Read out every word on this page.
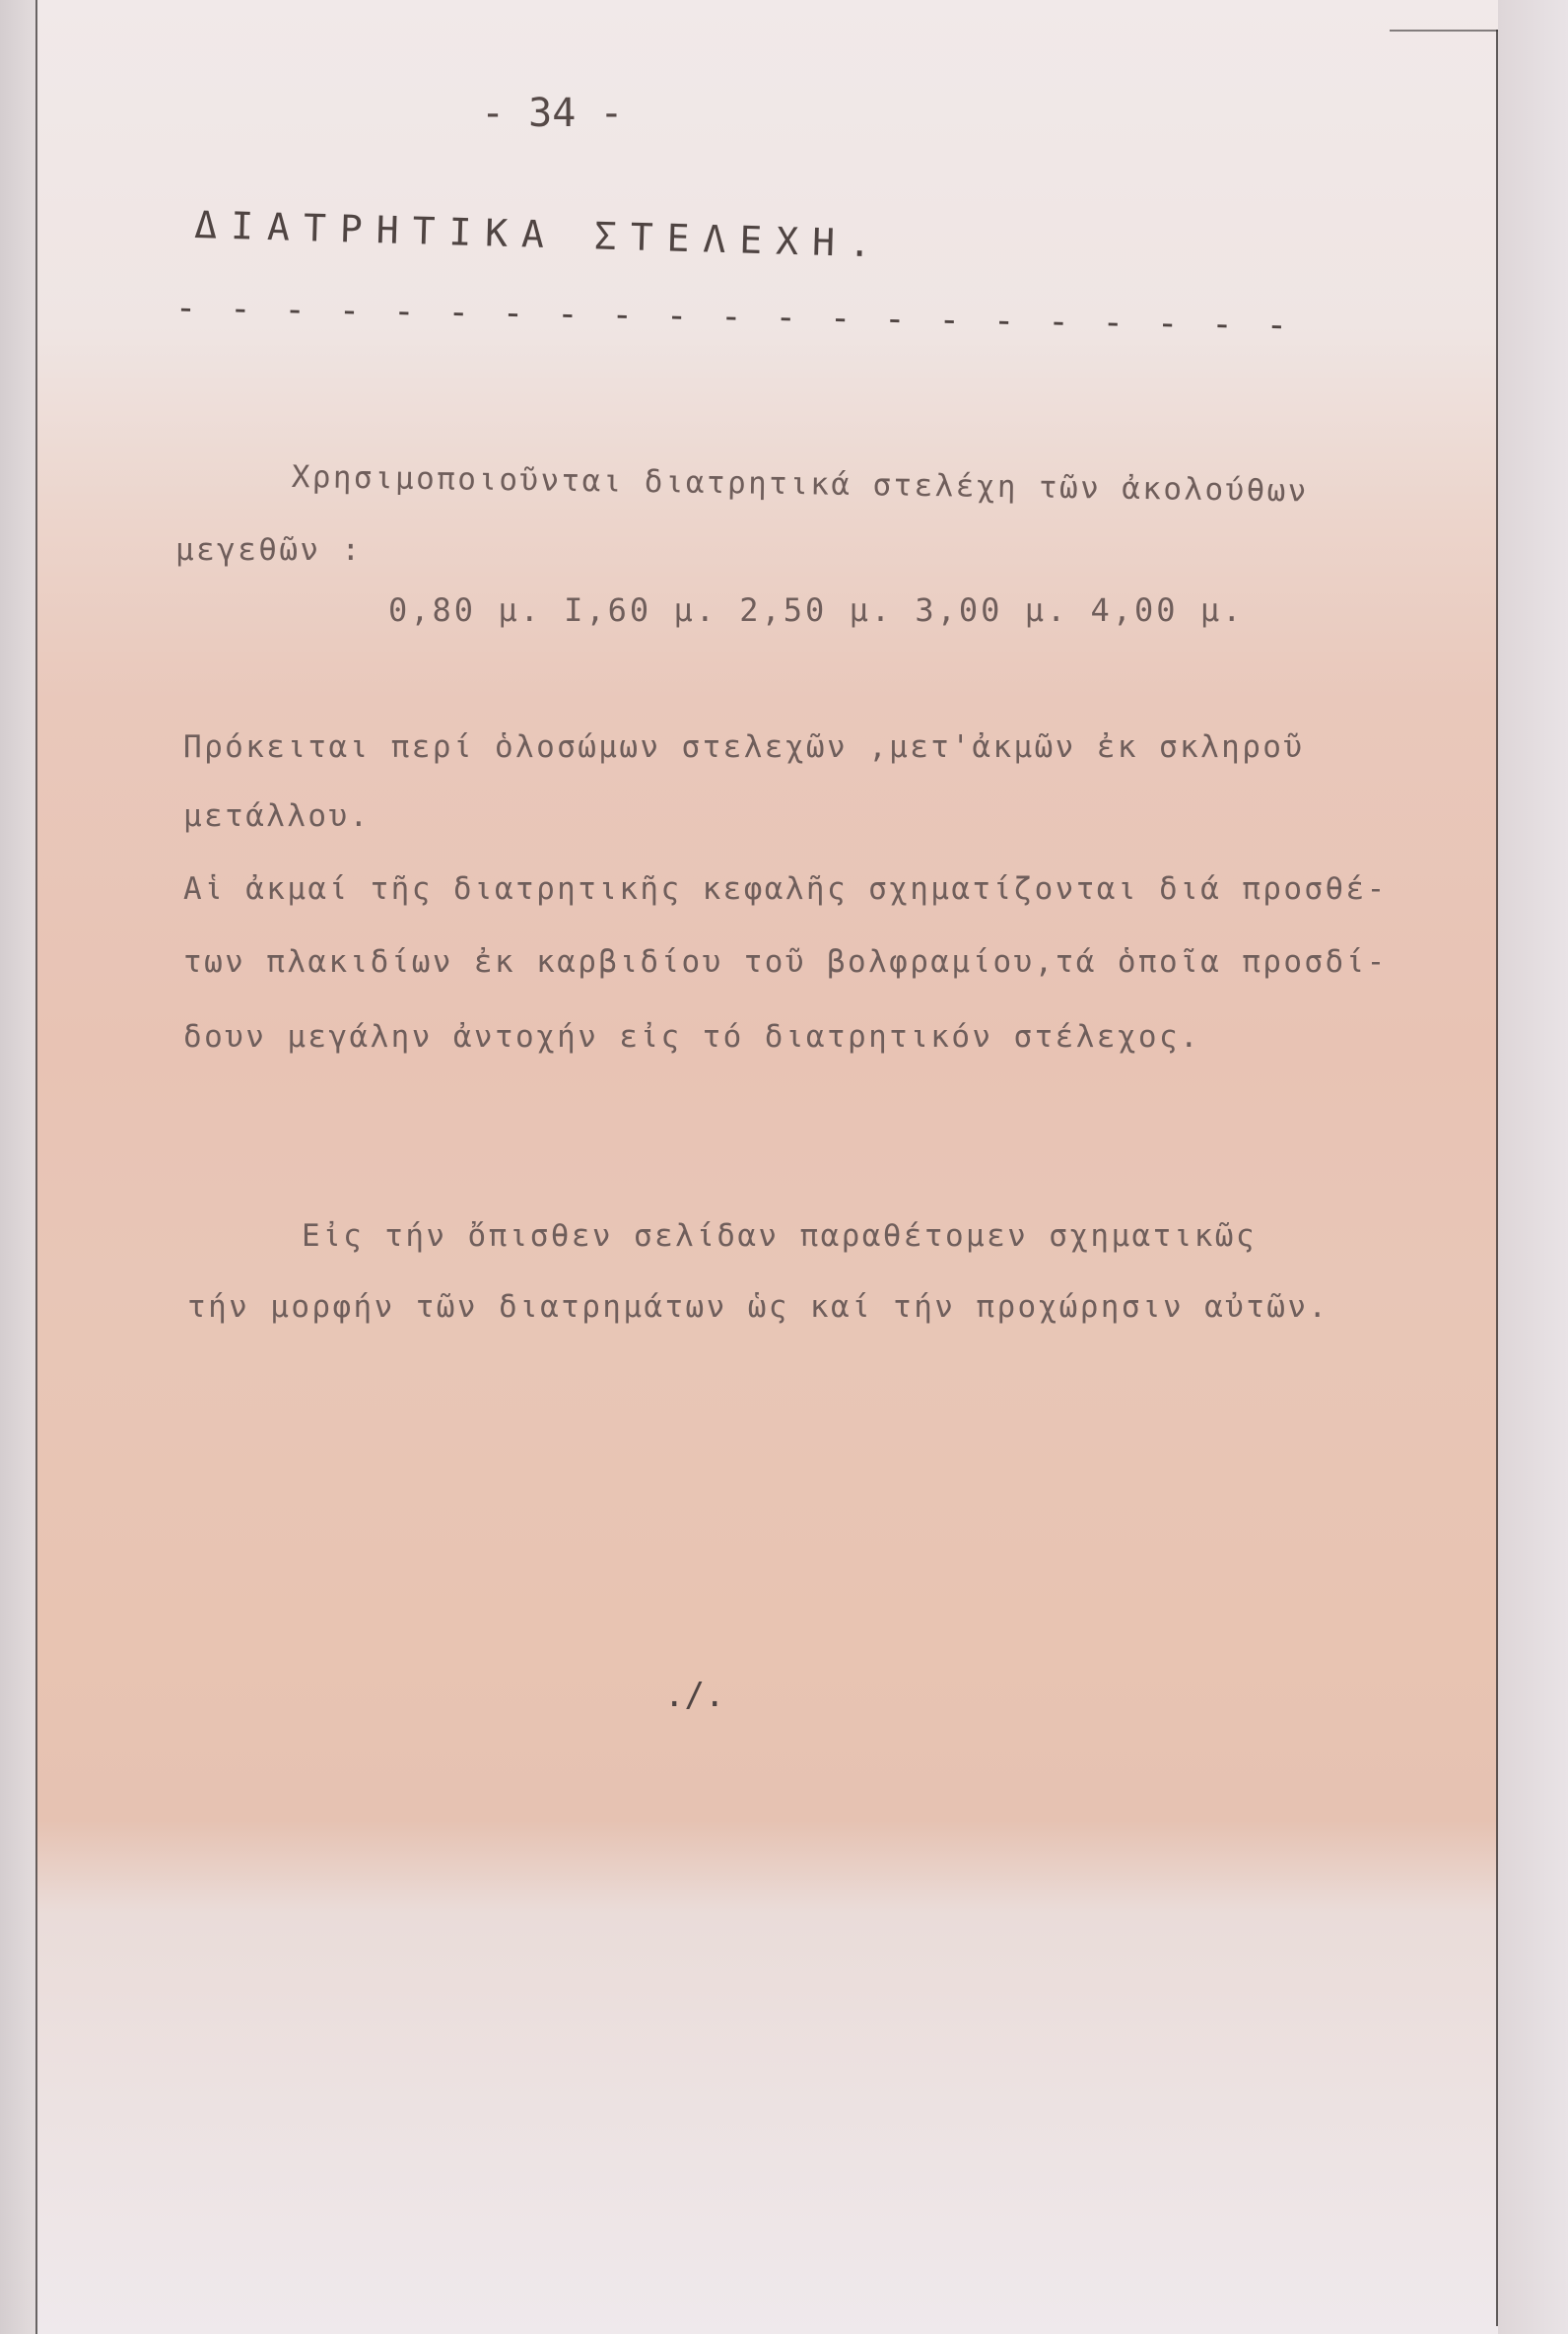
- 34 -
ΔΙΑΤΡΗΤΙΚΑ ΣΤΕΛΕΧΗ.
- - - - - - - - - - - - - - - - - - - - -
Χρησιμοποιοῦνται διατρητικά στελέχη τῶν ἀκολούθων
μεγεθῶν :
0,80 μ. I,60 μ. 2,50 μ. 3,00 μ. 4,00 μ.
Πρόκειται περί ὁλοσώμων στελεχῶν ,μετ'ἀκμῶν ἐκ σκληροῦ
μετάλλου.
Αἱ ἀκμαί τῆς διατρητικῆς κεφαλῆς σχηματίζονται διά προσθέ-
των πλακιδίων ἐκ καρβιδίου τοῦ βολφραμίου,τά ὁποῖα προσδί-
δουν μεγάλην ἀντοχήν εἰς τό διατρητικόν στέλεχος.
Εἰς τήν ὄπισθεν σελίδαν παραθέτομεν σχηματικῶς
τήν μορφήν τῶν διατρημάτων ὡς καί τήν προχώρησιν αὐτῶν.
./.
